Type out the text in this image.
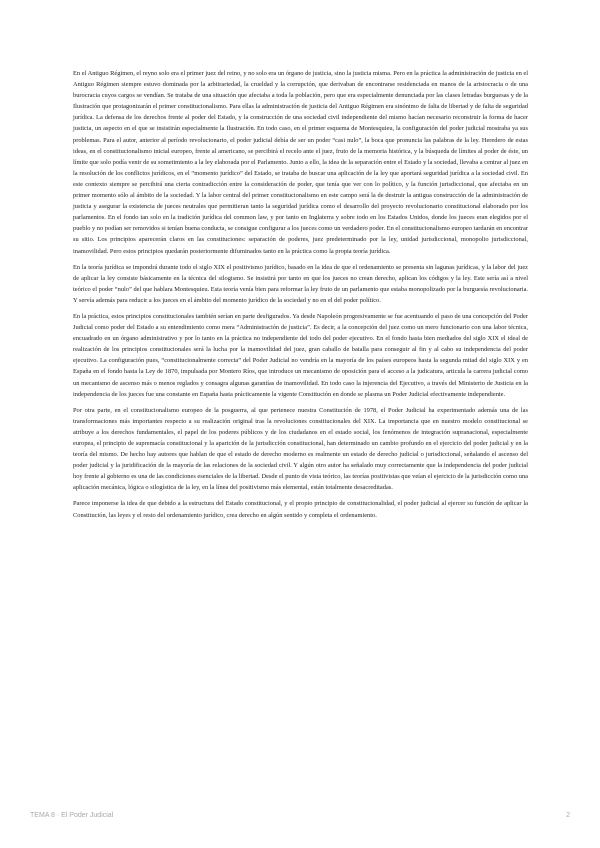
En el Antiguo Régimen, el reyno solo era el primer juez del reino, y no solo era un órgano de justicia, sino la justicia misma. Pero en la práctica la administración de justicia en el Antiguo Régimen siempre estuvo dominada por la arbitrariedad, la crueldad y la corrupción, que derivaban de encontrarse residenciada en manos de la aristocracia o de una burocracia cuyos cargos se vendían. Se trataba de una situación que afectaba a toda la población, pero que era especialmente denunciada por las clases letradas burguesas y de la Ilustración que protagonizarán el primer constitucionalismo. Para ellas la administración de justicia del Antiguo Régimen era sinónimo de falta de libertad y de falta de seguridad jurídica. La defensa de los derechos frente al poder del Estado, y la construcción de una sociedad civil independiente del mismo hacían necesario reconstruir la forma de hacer justicia, un aspecto en el que se insistirán especialmente la Ilustración. En todo caso, en el primer esquema de Montesquieu, la configuración del poder judicial mostraba ya sus problemas. Para el autor, anterior al período revolucionario, el poder judicial debía de ser un poder “casi nulo”, la boca que pronuncia las palabras de la ley. Heredero de estas ideas, en el constitucionalismo inicial europeo, frente al americano, se percibirá el recelo ante el juez, fruto de la memoria histórica, y la búsqueda de límites al poder de éste, un límite que solo podía venir de su sometimiento a la ley elaborada por el Parlamento. Junto a ello, la idea de la separación entre el Estado y la sociedad, llevaba a centrar al juez en la resolución de los conflictos jurídicos, en el “momento jurídico” del Estado, se trataba de buscar una aplicación de la ley que aportará seguridad jurídica a la sociedad civil. En este contexto siempre se percibirá una cierta contradicción entre la consideración de poder, que tenía que ver con lo político, y la función jurisdiccional, que afectaba en un primer momento sólo al ámbito de la sociedad. Y la labor central del primer constitucionalismo en este campo será la de destruir la antigua construcción de la administración de justicia y asegurar la existencia de jueces neutrales que permitieran tanto la seguridad jurídica como el desarrollo del proyecto revolucionario constitucional elaborado por los parlamentos. En el fondo tan solo en la tradición jurídica del common law, y por tanto en Inglaterra y sobre todo en los Estados Unidos, donde los jueces eran elegidos por el pueblo y no podían ser removidos si tenían buena conducta, se consigue configurar a los jueces como un verdadero poder. En el constitucionalismo europeo tardarán en encontrar su sitio. Los principios aparecerán claros en las constituciones: separación de poderes, juez predeterminado por la ley, unidad jurisdiccional, monopolio jurisdiccional, inamovilidad. Pero estos principios quedarán posteriormente difuminados tanto en la práctica como la propia teoría jurídica.

En la teoría jurídica se impondrá durante todo el siglo XIX el positivismo jurídico, basado en la idea de que el ordenamiento se presenta sin lagunas jurídicas, y la labor del juez de aplicar la ley consiste básicamente en la técnica del silogismo. Se insistirá por tanto en que los jueces no crean derecho, aplican los códigos y la ley. Este sería así a nivel teórico el poder “nulo” del que hablara Montesquieu. Esta teoría venía bien para reformar la ley fruto de un parlamento que estaba monopolizado por la burguesía revolucionaria. Y servía además para reducir a los jueces en el ámbito del momento jurídico de la sociedad y no en el del poder político.

En la práctica, estos principios constitucionales también serían en parte desfigurados. Ya desde Napoleón progresivamente se fue acentuando el paso de una concepción del Poder Judicial como poder del Estado a su entendimiento como mera “Administración de justicia”. Es decir, a la concepción del juez como un mero funcionario con una labor técnica, encuadrado en un órgano administrativo y por lo tanto en la práctica no independiente del todo del poder ejecutivo. En el fondo hasta bien mediados del siglo XIX el ideal de realización de los principios constitucionales será la lucha por la inamovilidad del juez, gran caballo de batalla para conseguir al fin y al cabo su independencia del poder ejecutivo. La configuración pues, “constitucionalmente correcta” del Poder Judicial no vendría en la mayoría de los países europeos hasta la segunda mitad del siglo XIX y en España en el fondo hasta la Ley de 1870, impulsada por Montero Ríos, que introduce un mecanismo de oposición para el acceso a la judicatura, articula la carrera judicial como un mecanismo de ascenso más o menos reglados y consagra algunas garantías de inamovilidad. En todo caso la injerencia del Ejecutivo, a través del Ministerio de Justicia en la independencia de los jueces fue una constante en España hasta prácticamente la vigente Constitución en donde se plasma un Poder Judicial efectivamente independiente.

Por otra parte, en el constitucionalismo europeo de la posguerra, al que pertenece nuestra Constitución de 1978, el Poder Judicial ha experimentado además una de las transformaciones más importantes respecto a su realización original tras la revoluciones constitucionales del XIX. La importancia que en nuestro modelo constitucional se atribuye a los derechos fundamentales, el papel de los poderes públicos y de los ciudadanos en el estado social, los fenómenos de integración supranacional, especialmente europea, el principio de supremacía constitucional y la aparición de la jurisdicción constitucional, han determinado un cambio profundo en el ejercicio del poder judicial y en la teoría del mismo. De hecho hay autores que hablan de que el estado de derecho moderno es realmente un estado de derecho judicial o jurisdiccional, señalando el ascenso del poder judicial y la juridificación de la mayoría de las relaciones de la sociedad civil. Y algún otro autor ha señalado muy correctamente que la independencia del poder judicial hoy frente al gobierno es una de las condiciones esenciales de la libertad. Desde el punto de vista teórico, las teorías positivistas que veían el ejercicio de la jurisdicción como una aplicación mecánica, lógica o silogística de la ley, en la línea del positivismo más elemental, están totalmente desacreditadas.

Parece imponerse la idea de que debido a la estructura del Estado constitucional, y el propio principio de constitucionalidad, el poder judicial al ejercer su función de aplicar la Constitución, las leyes y el resto del ordenamiento jurídico, crea derecho en algún sentido y completa el ordenamiento.

TEMA 8 · El Poder Judicial	2
